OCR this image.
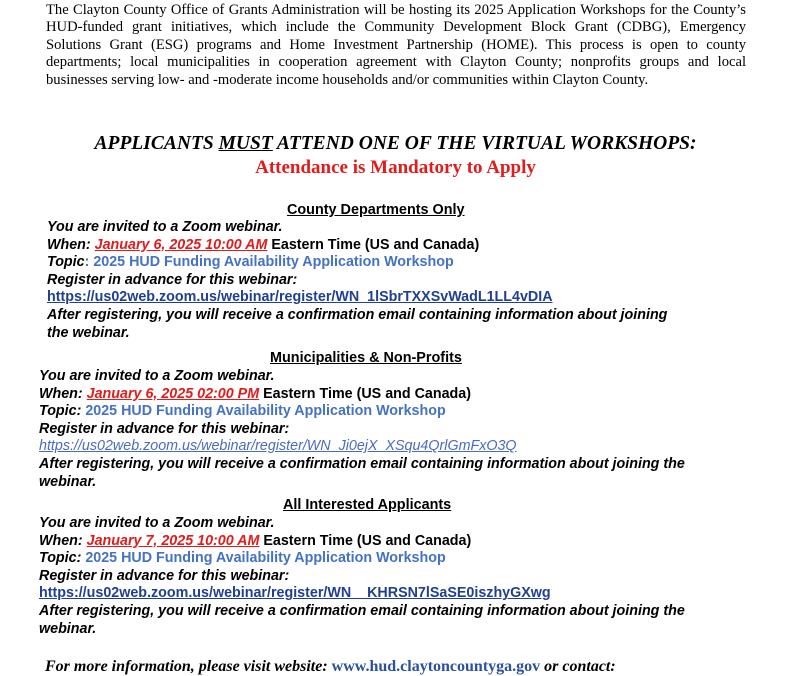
The Clayton County Office of Grants Administration will be hosting its 2025 Application Workshops for the County’s HUD-funded grant initiatives, which include the Community Development Block Grant (CDBG), Emergency Solutions Grant (ESG) programs and Home Investment Partnership (HOME). This process is open to county departments; local municipalities in cooperation agreement with Clayton County; nonprofits groups and local businesses serving low- and -moderate income households and/or communities within Clayton County.

APPLICANTS MUST ATTEND ONE OF THE VIRTUAL WORKSHOPS:

Attendance is Mandatory to Apply

County Departments Only

You are invited to a Zoom webinar.
When: January 6, 2025 10:00 AM Eastern Time (US and Canada)
Topic: 2025 HUD Funding Availability Application Workshop
Register in advance for this webinar:
https://us02web.zoom.us/webinar/register/WN_1lSbrTXXSvWadL1LL4vDIA
After registering, you will receive a confirmation email containing information about joining
the webinar.

Municipalities & Non-Profits

You are invited to a Zoom webinar.
When: January 6, 2025 02:00 PM Eastern Time (US and Canada)
Topic: 2025 HUD Funding Availability Application Workshop
Register in advance for this webinar:
https://us02web.zoom.us/webinar/register/WN_Ji0ejX_XSqu4QrlGmFxO3Q
After registering, you will receive a confirmation email containing information about joining the
webinar.

All Interested Applicants

You are invited to a Zoom webinar.
When: January 7, 2025 10:00 AM Eastern Time (US and Canada)
Topic: 2025 HUD Funding Availability Application Workshop
Register in advance for this webinar:
https://us02web.zoom.us/webinar/register/WN__KHRSN7lSaSE0iszhyGXwg
After registering, you will receive a confirmation email containing information about joining the
webinar.

For more information, please visit website: www.hud.claytoncountyga.gov or contact:
